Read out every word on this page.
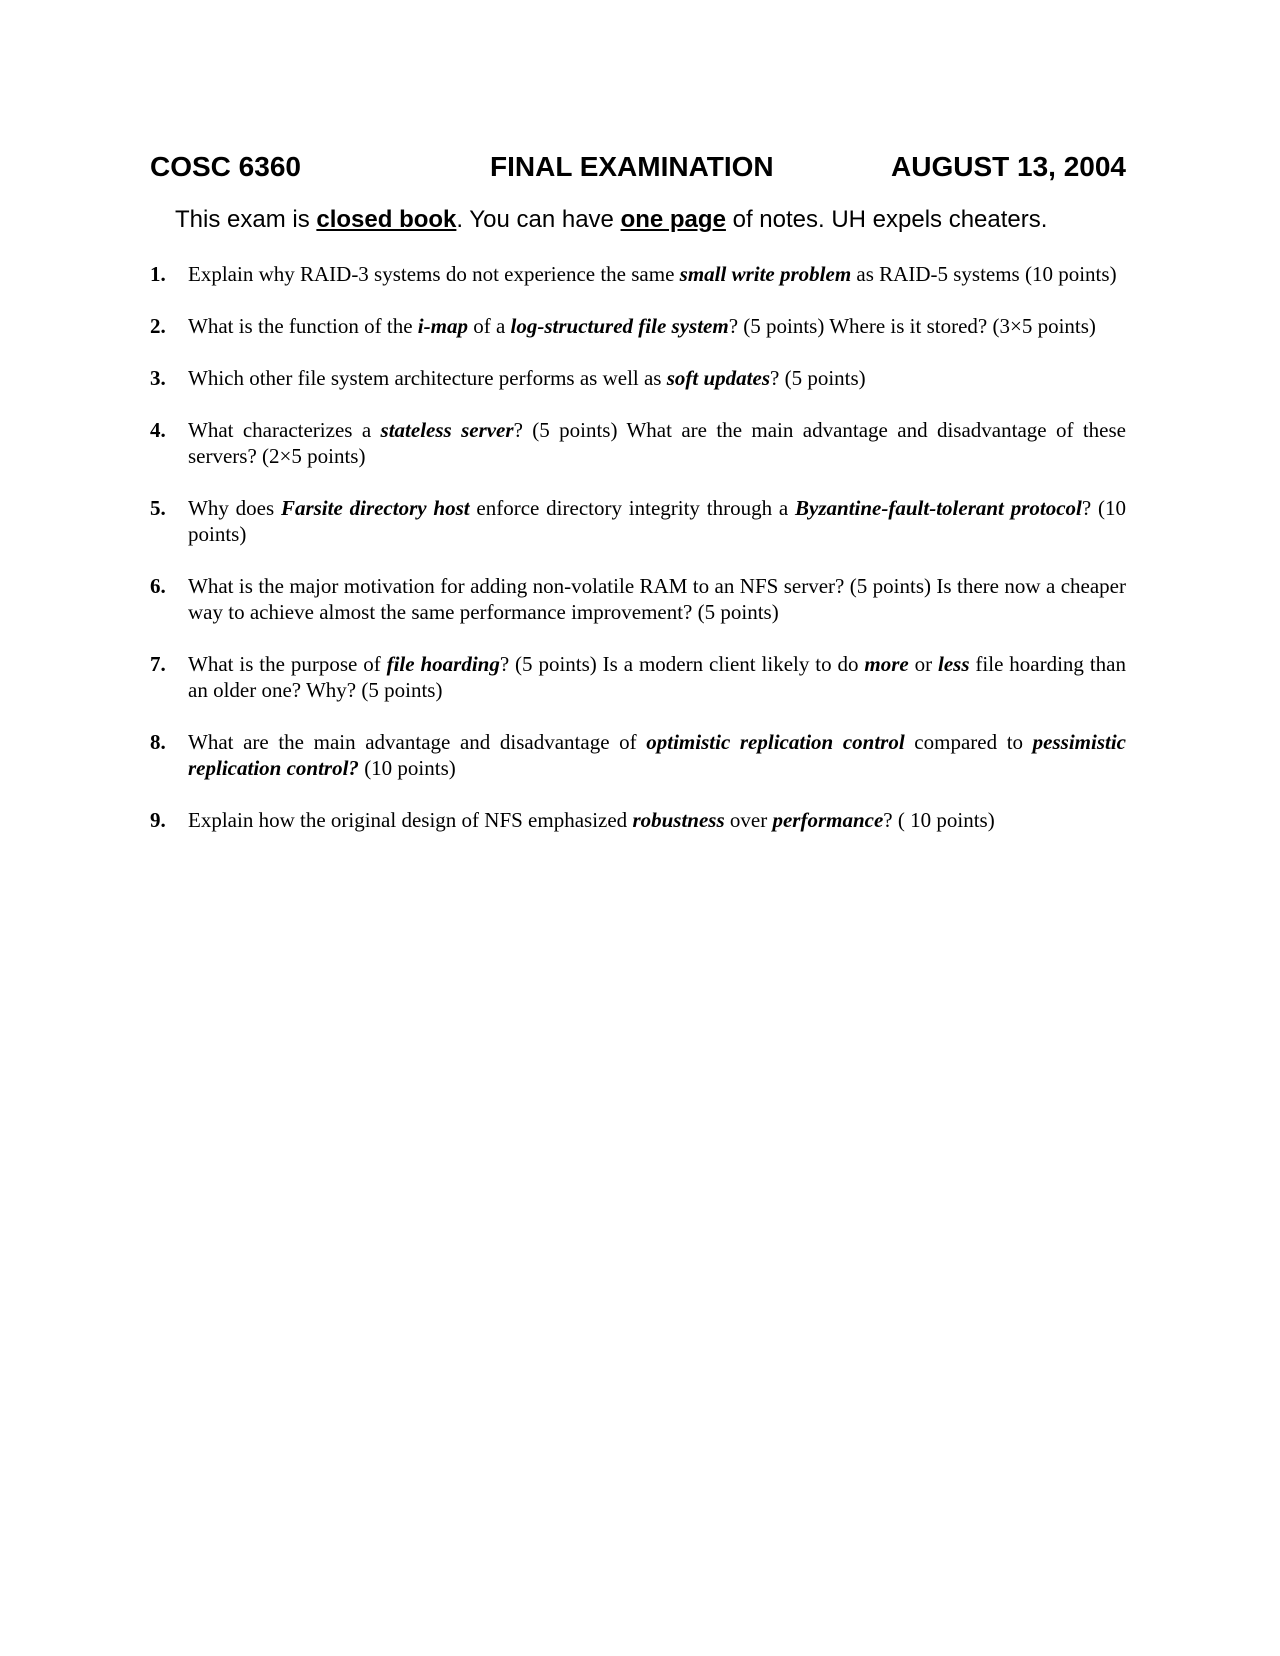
COSC 6360	FINAL EXAMINATION	AUGUST 13, 2004
This exam is closed book. You can have one page of notes. UH expels cheaters.
1. Explain why RAID-3 systems do not experience the same small write problem as RAID-5 systems (10 points)
2. What is the function of the i-map of a log-structured file system? (5 points) Where is it stored? (3×5 points)
3. Which other file system architecture performs as well as soft updates? (5 points)
4. What characterizes a stateless server? (5 points) What are the main advantage and disadvantage of these servers? (2×5 points)
5. Why does Farsite directory host enforce directory integrity through a Byzantine-fault-tolerant protocol? (10 points)
6. What is the major motivation for adding non-volatile RAM to an NFS server? (5 points) Is there now a cheaper way to achieve almost the same performance improvement? (5 points)
7. What is the purpose of file hoarding? (5 points) Is a modern client likely to do more or less file hoarding than an older one? Why? (5 points)
8. What are the main advantage and disadvantage of optimistic replication control compared to pessimistic replication control? (10 points)
9. Explain how the original design of NFS emphasized robustness over performance? ( 10 points)
